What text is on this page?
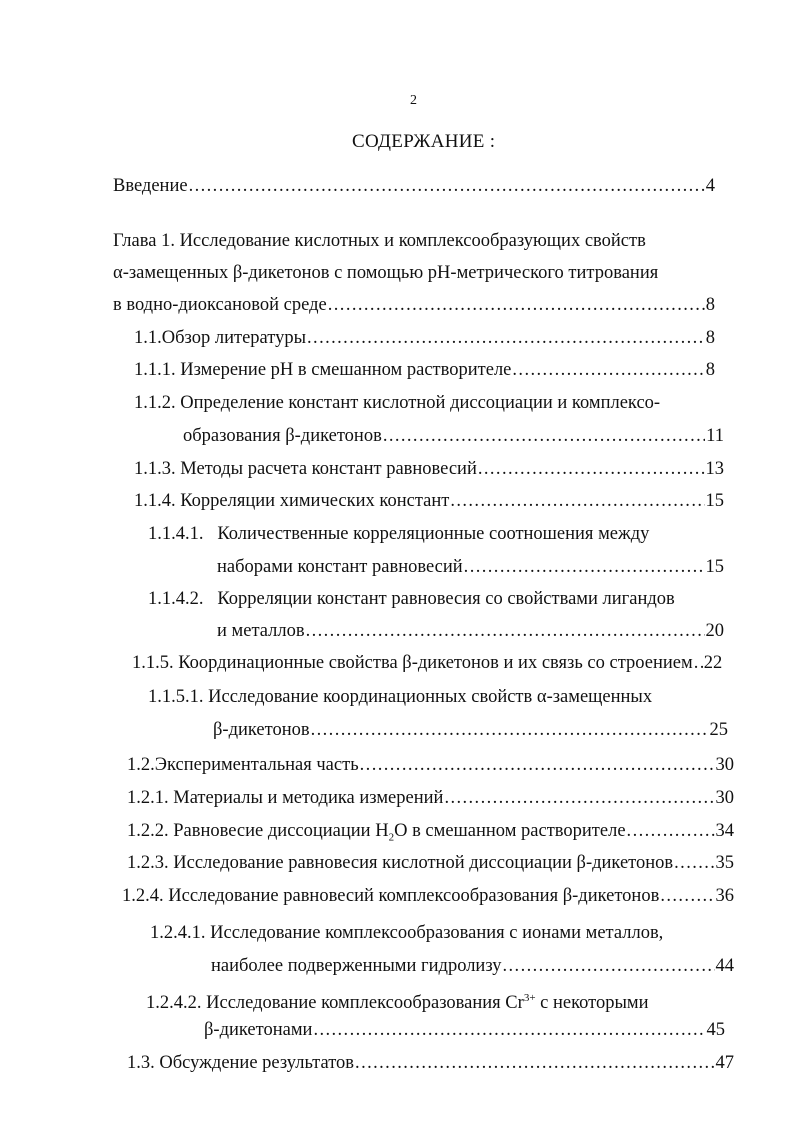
2
СОДЕРЖАНИЕ :
Введение .....	4
Глава 1. Исследование кислотных и комплексообразующих свойств
α-замещенных β-дикетонов с помощью pH-метрического титрования
в водно-диоксановой среде .....	8
1.1.Обзор литературы .....	8
1.1.1. Измерение pH в смешанном растворителе .....	8
1.1.2. Определение констант кислотной диссоциации и комплексо-
образования β-дикетонов .....	11
1.1.3. Методы расчета констант равновесий .....	13
1.1.4. Корреляции химических констант .....	15
1.1.4.1.   Количественные корреляционные соотношения между
наборами констант равновесий .....	15
1.1.4.2.   Корреляции констант равновесия со свойствами лигандов
и металлов .....	20
1.1.5. Координационные свойства β-дикетонов и их связь со строением ..... 22
1.1.5.1. Исследование координационных свойств α-замещенных
β-дикетонов .....	25
1.2.Экспериментальная часть .....	30
1.2.1. Материалы и методика измерений .....	30
1.2.2. Равновесие диссоциации $H_2O$ в смешанном растворителе .....	34
1.2.3. Исследование равновесия кислотной диссоциации β-дикетонов ..... 35
1.2.4. Исследование равновесий комплексообразования β-дикетонов .....	36
1.2.4.1. Исследование комплексообразования с ионами металлов,
наиболее подверженными гидролизу .....	44
1.2.4.2. Исследование комплексообразования $Cr^{3+}$ с некоторыми
β-дикетонами .....	45
1.3. Обсуждение результатов .....	47
